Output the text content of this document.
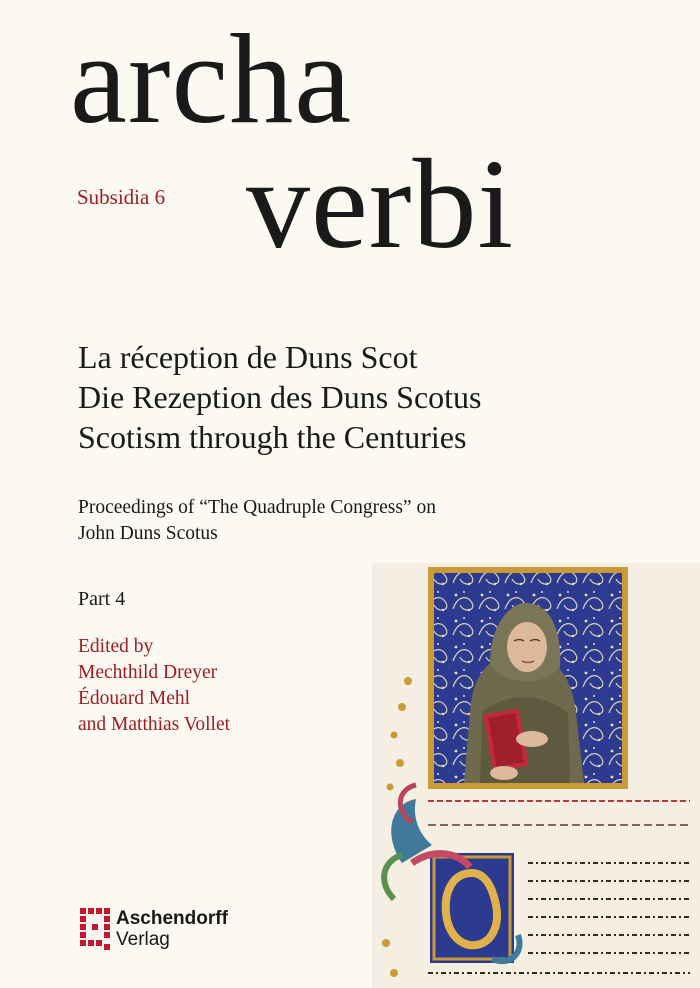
archa
Subsidia 6 verbi
La réception de Duns Scot
Die Rezeption des Duns Scotus
Scotism through the Centuries
Proceedings of “The Quadruple Congress” on
John Duns Scotus
Part 4
Edited by
Mechthild Dreyer
Édouard Mehl
and Matthias Vollet
Aschendorff
Verlag
